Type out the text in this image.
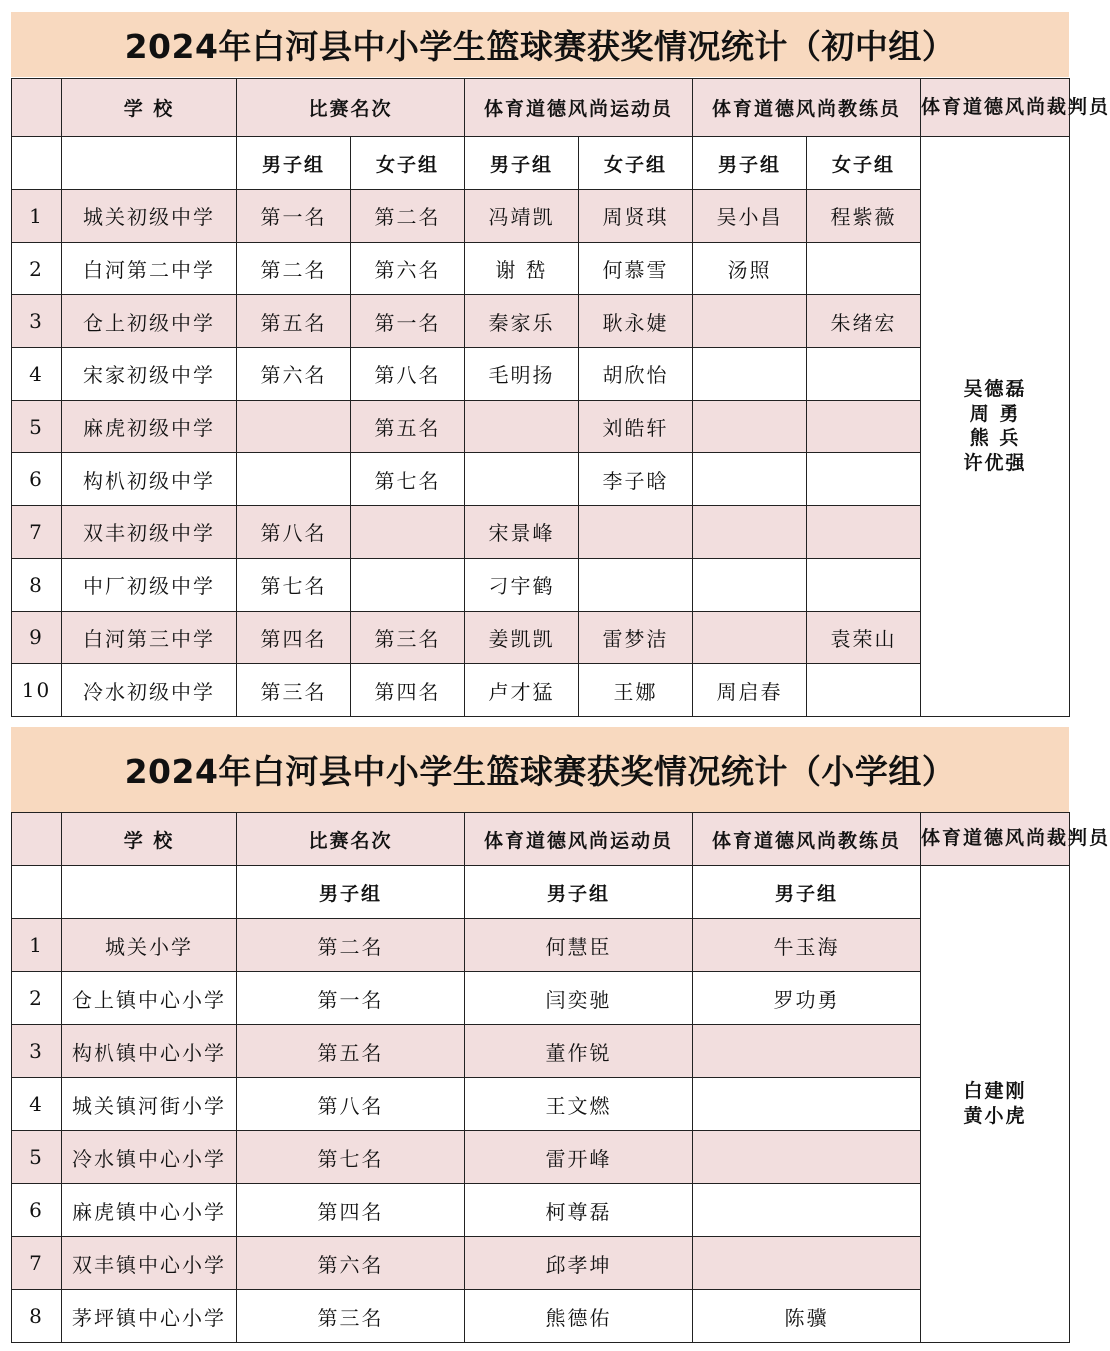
2024年白河县中小学生篮球赛获奖情况统计（初中组）
	学 校	比赛名次		体育道德风尚运动员		体育道德风尚教练员		体育道德风尚裁判员
		男子组	女子组	男子组	女子组	男子组	女子组	吴德磊
周 勇
熊 兵
许优强

1	城关初级中学	第一名	第二名	冯靖凯	周贤琪	吴小昌	程紫薇	
2	白河第二中学	第二名	第六名	谢 嵆	何慕雪	汤照		
3	仓上初级中学	第五名	第一名	秦家乐	耿永婕		朱绪宏	
4	宋家初级中学	第六名	第八名	毛明扬	胡欣怡			
5	麻虎初级中学		第五名		刘皓轩			
6	构朳初级中学		第七名		李子晗			
7	双丰初级中学	第八名		宋景峰				
8	中厂初级中学	第七名		刁宇鹤				
9	白河第三中学	第四名	第三名	姜凯凯	雷梦洁		袁荣山	
10	冷水初级中学	第三名	第四名	卢才猛	王娜	周启春		
2024年白河县中小学生篮球赛获奖情况统计（小学组）
	学 校	比赛名次	体育道德风尚运动员	体育道德风尚教练员	体育道德风尚裁判员
		男子组	男子组	男子组	白建刚
黄小虎

1	城关小学	第二名	何慧臣	牛玉海	
2	仓上镇中心小学	第一名	闫奕驰	罗功勇	
3	构朳镇中心小学	第五名	董作锐		
4	城关镇河街小学	第八名	王文燃		
5	冷水镇中心小学	第七名	雷开峰		
6	麻虎镇中心小学	第四名	柯尊磊		
7	双丰镇中心小学	第六名	邱孝坤		
8	茅坪镇中心小学	第三名	熊德佑	陈骥	
